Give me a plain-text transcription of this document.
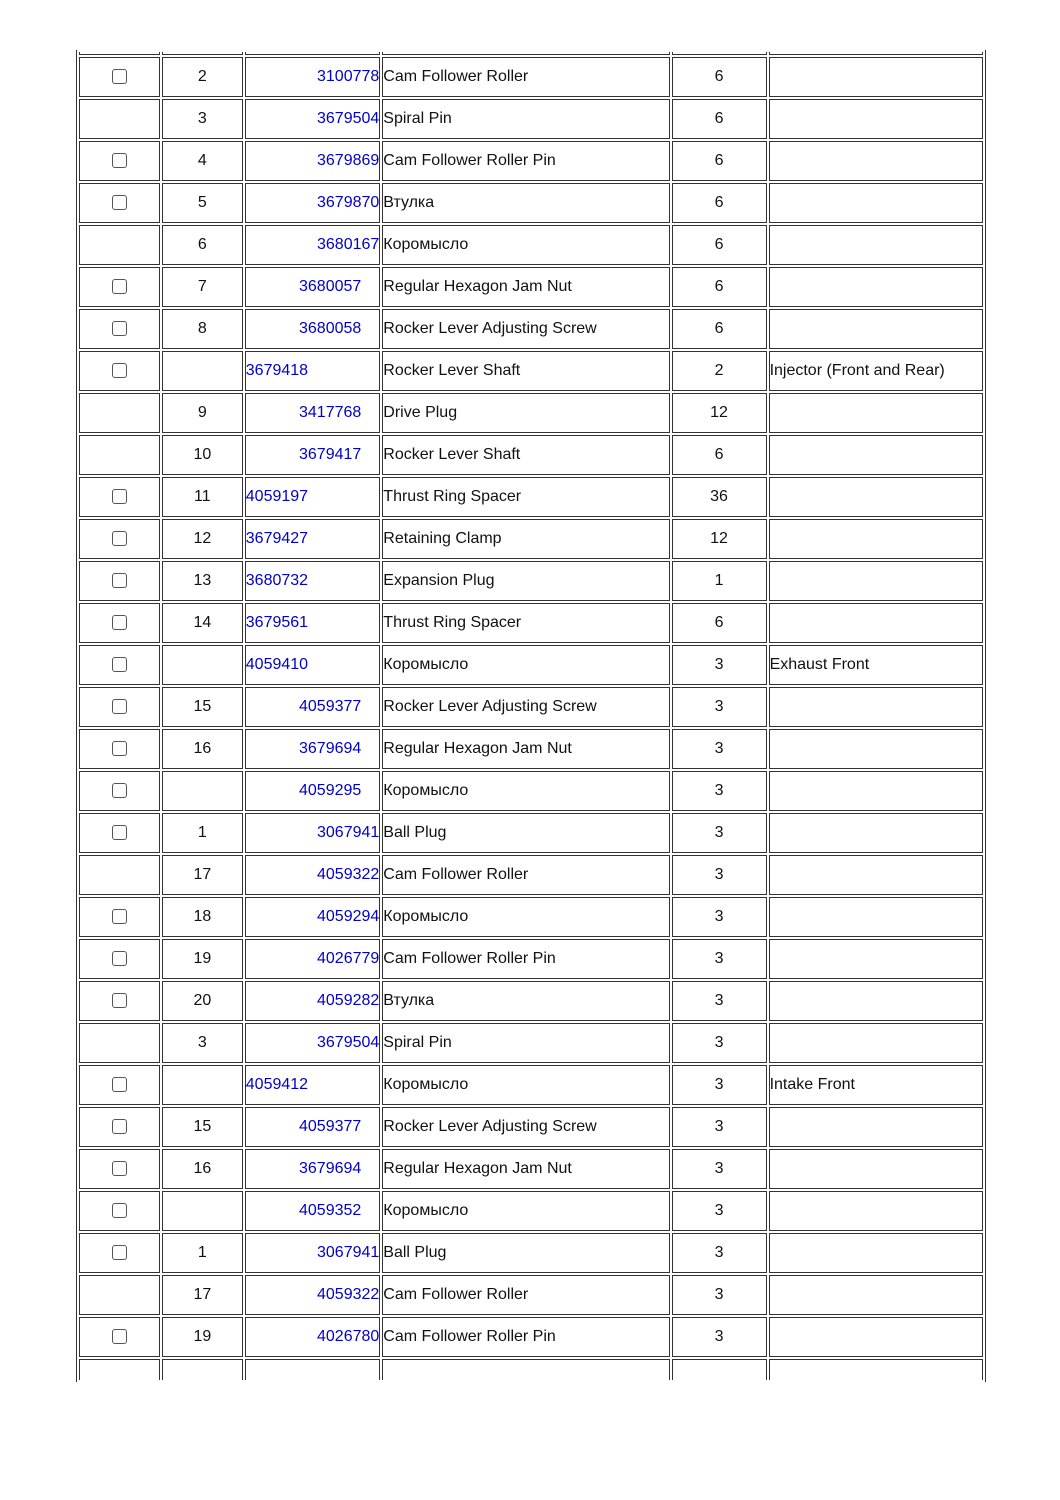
	2	3100778	Cam Follower Roller	6	
	3	3679504	Spiral Pin	6	
	4	3679869	Cam Follower Roller Pin	6	
	5	3679870	Втулка	6	
	6	3680167	Коромысло	6	
	7	3680057	Regular Hexagon Jam Nut	6	
	8	3680058	Rocker Lever Adjusting Screw	6	

		3679418	Rocker Lever Shaft	2	Injector (Front and Rear)
	9	3417768	Drive Plug	12	
	10	3679417	Rocker Lever Shaft	6	
	11	4059197	Thrust Ring Spacer	36	
	12	3679427	Retaining Clamp	12	
	13	3680732	Expansion Plug	1	
	14	3679561	Thrust Ring Spacer	6	

		4059410	Коромысло	3	Exhaust Front
	15	4059377	Rocker Lever Adjusting Screw	3	
	16	3679694	Regular Hexagon Jam Nut	3	

		4059295	Коромысло	3	
	1	3067941	Ball Plug	3	
	17	4059322	Cam Follower Roller	3	
	18	4059294	Коромысло	3	
	19	4026779	Cam Follower Roller Pin	3	
	20	4059282	Втулка	3	
	3	3679504	Spiral Pin	3	

		4059412	Коромысло	3	Intake Front
	15	4059377	Rocker Lever Adjusting Screw	3	
	16	3679694	Regular Hexagon Jam Nut	3	

		4059352	Коромысло	3	
	1	3067941	Ball Plug	3	
	17	4059322	Cam Follower Roller	3	
	19	4026780	Cam Follower Roller Pin	3	
